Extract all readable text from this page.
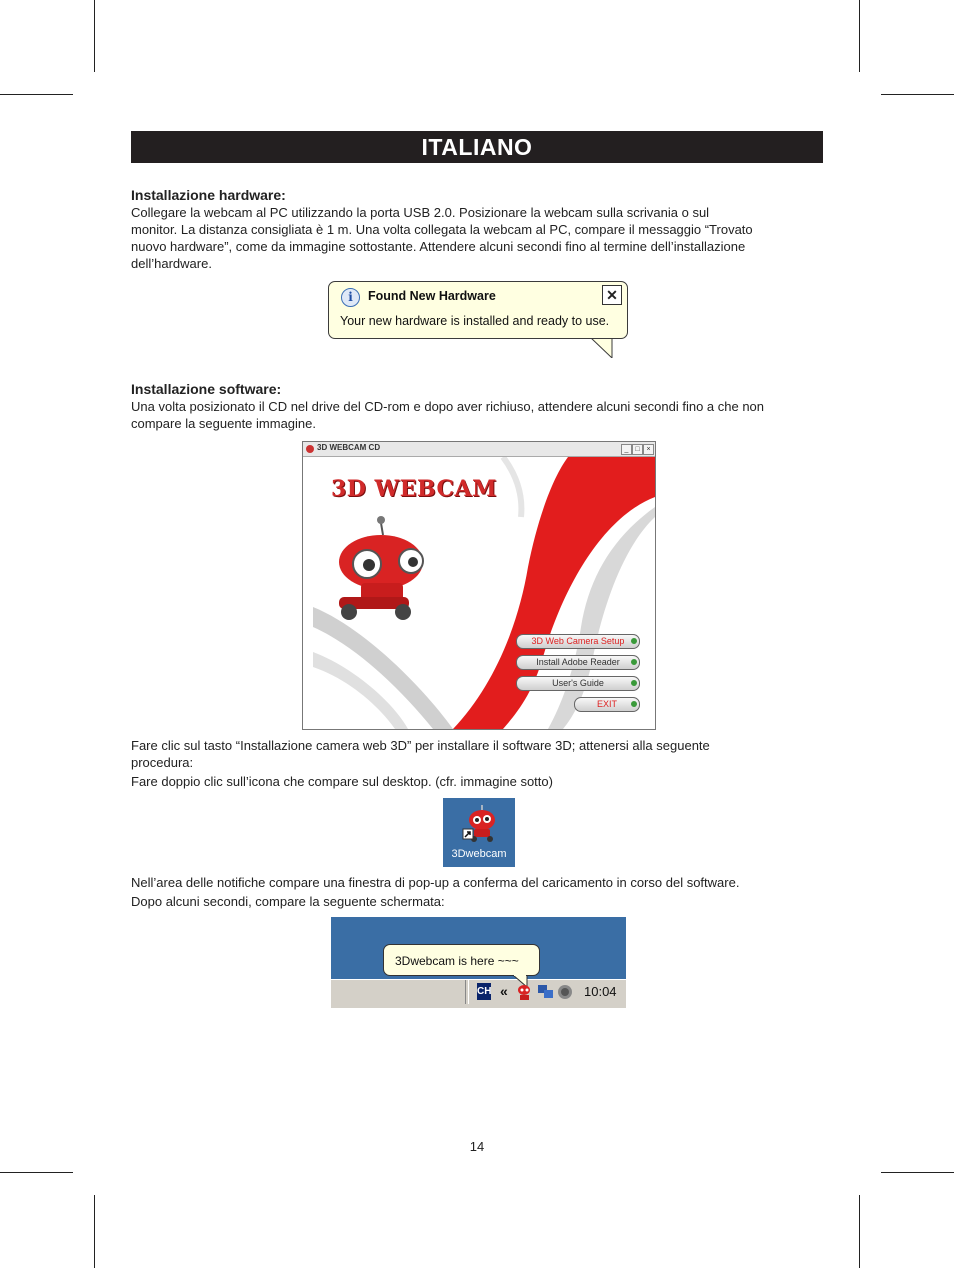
ITALIANO
Installazione hardware:
Collegare la webcam al PC utilizzando la porta USB 2.0. Posizionare la webcam sulla scrivania o sul
monitor. La distanza consigliata è 1 m. Una volta collegata la webcam al PC, compare il messaggio “Trovato
nuovo hardware”, come da immagine sottostante. Attendere alcuni secondi fino al termine dell’installazione
dell’hardware.
i	Found New Hardware	✕
Your new hardware is installed and ready to use.
Installazione software:
Una volta posizionato il CD nel drive del CD-rom e dopo aver richiuso, attendere alcuni secondi fino a che non
compare la seguente immagine.
3D WEBCAM CD	_ □ ×
3D WEBCAM
3D Web Camera Setup
Install Adobe Reader
User's Guide
EXIT
Fare clic sul tasto “Installazione camera web 3D” per installare il software 3D; attenersi alla seguente
procedura:
Fare doppio clic sull’icona che compare sul desktop. (cfr. immagine sotto)
3Dwebcam
Nell’area delle notifiche compare una finestra di pop-up a conferma del caricamento in corso del software.
Dopo alcuni secondi, compare la seguente schermata:
3Dwebcam is here ~~~
CH «	10:04
14
